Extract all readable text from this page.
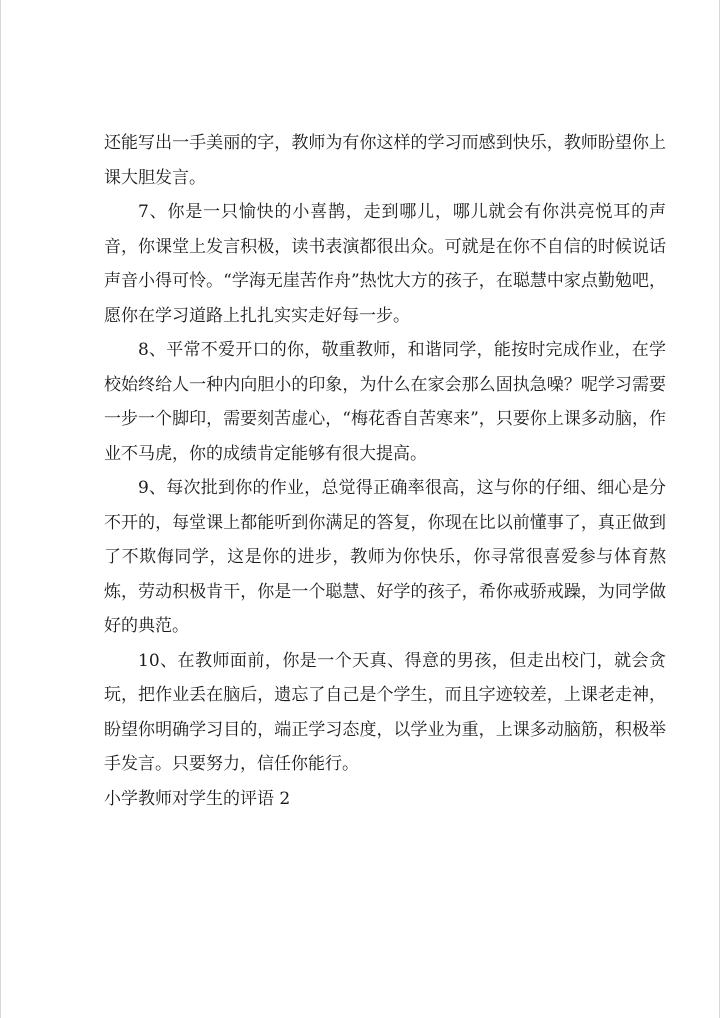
还能写出一手美丽的字，教师为有你这样的学习而感到快乐，教师盼望你上课大胆发言。

7、你是一只愉快的小喜鹊，走到哪儿，哪儿就会有你洪亮悦耳的声音，你课堂上发言积极，读书表演都很出众。可就是在你不自信的时候说话声音小得可怜。“学海无崖苦作舟”热忱大方的孩子，在聪慧中家点勤勉吧，愿你在学习道路上扎扎实实走好每一步。

8、平常不爱开口的你，敬重教师，和谐同学，能按时完成作业，在学校始终给人一种内向胆小的印象，为什么在家会那么固执急噪？呢学习需要一步一个脚印，需要刻苦虚心，“梅花香自苦寒来”，只要你上课多动脑，作业不马虎，你的成绩肯定能够有很大提高。

9、每次批到你的作业，总觉得正确率很高，这与你的仔细、细心是分不开的，每堂课上都能听到你满足的答复，你现在比以前懂事了，真正做到了不欺侮同学，这是你的进步，教师为你快乐，你寻常很喜爱参与体育熬炼，劳动积极肯干，你是一个聪慧、好学的孩子，希你戒骄戒躁，为同学做好的典范。

10、在教师面前，你是一个天真、得意的男孩，但走出校门，就会贪玩，把作业丢在脑后，遗忘了自己是个学生，而且字迹较差，上课老走神，盼望你明确学习目的，端正学习态度，以学业为重，上课多动脑筋，积极举手发言。只要努力，信任你能行。

小学教师对学生的评语 2
